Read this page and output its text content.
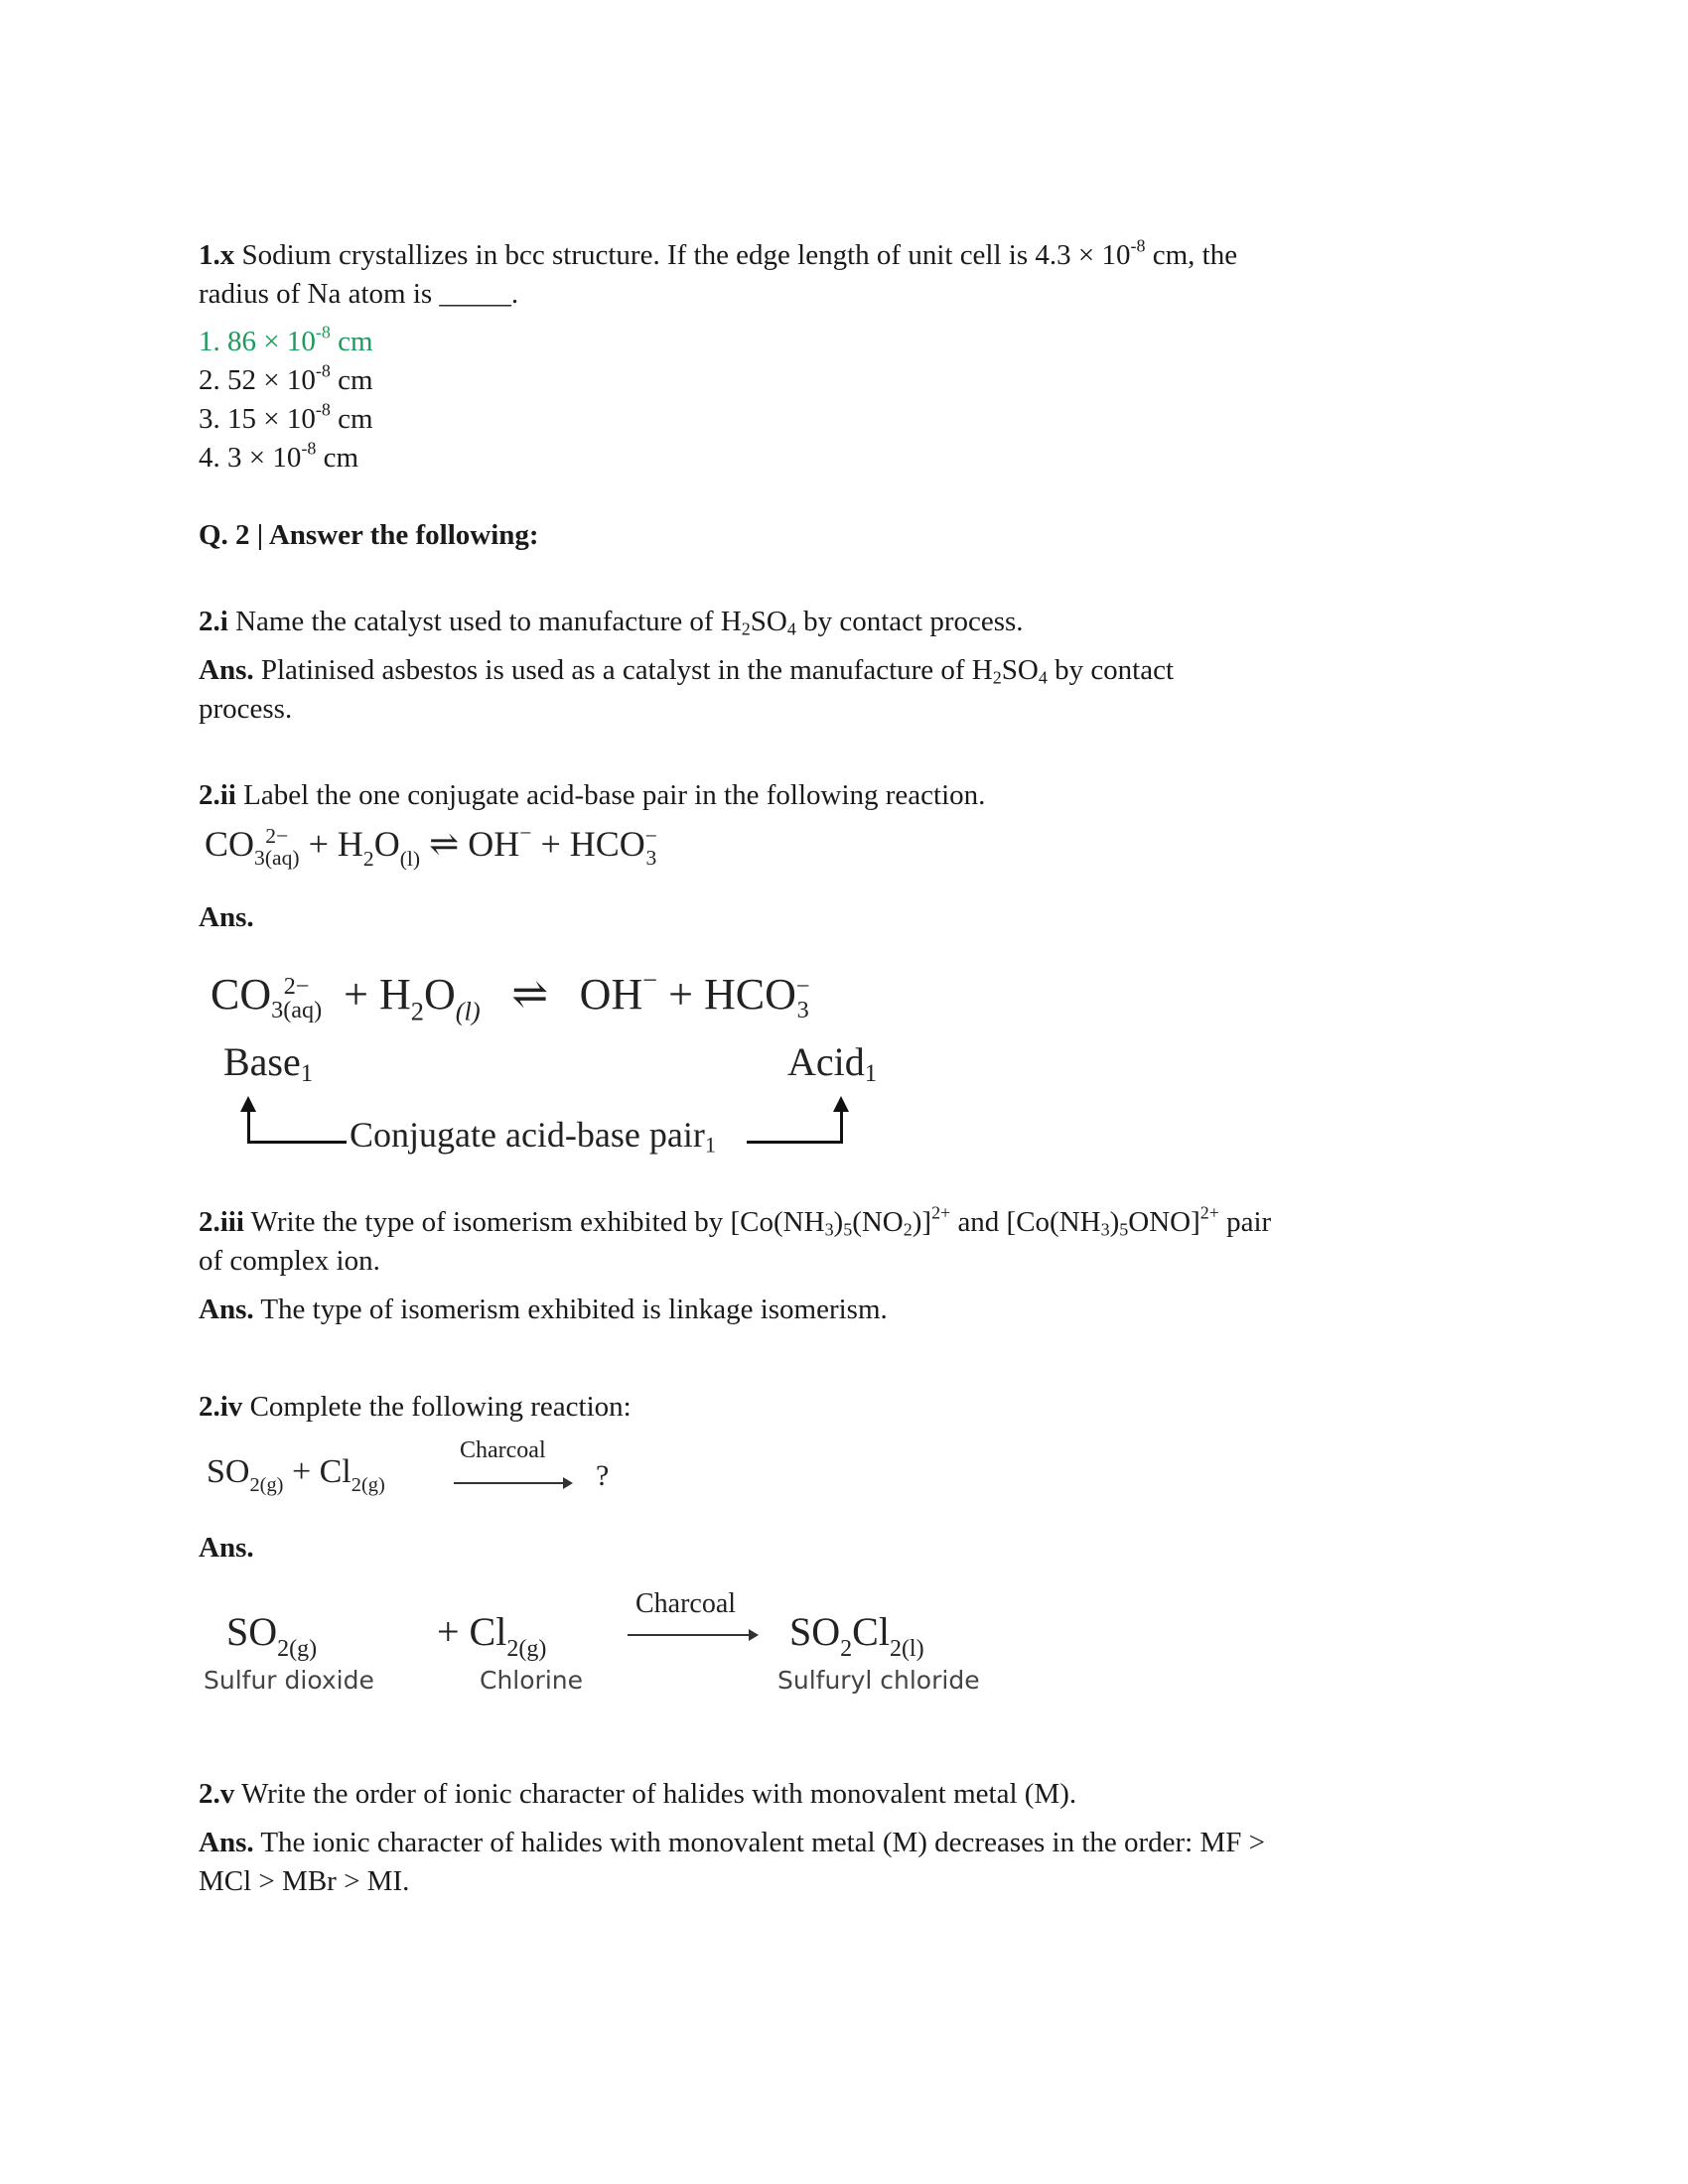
1.x Sodium crystallizes in bcc structure. If the edge length of unit cell is $4.3 \times 10^{-8}$ cm, the
radius of Na atom is _____.
1. $86 \times 10^{-8}$ cm
2. $52 \times 10^{-8}$ cm
3. $15 \times 10^{-8}$ cm
4. $3 \times 10^{-8}$ cm
Q. 2 | Answer the following:
2.i Name the catalyst used to manufacture of $H_2SO_4$ by contact process.
Ans. Platinised asbestos is used as a catalyst in the manufacture of $H_2SO_4$ by contact
process.
2.ii Label the one conjugate acid-base pair in the following reaction.
CO 2−
$3(aq) + H_2O_{(l)}$ ⇌ OH− + HCO −
3
Ans.
CO 2−
$3(aq) + H_2O_{(l)}$ ⇌ OH− + HCO −
3
Base$_1$	Acid$_1$
Conjugate acid-base pair$_1$
2.iii Write the type of isomerism exhibited by $[Co(NH_3)_5(NO_2)]^{2+}$ and $[Co(NH_3)_5ONO]^{2+}$ pair
of complex ion.
Ans. The type of isomerism exhibited is linkage isomerism.
2.iv Complete the following reaction:
$SO_{2(g)} + Cl_{2(g)}$
Charcoal
?
Ans.
$SO_{2(g)}$
Sulfur dioxide
+ $Cl_{2(g)}$
Chlorine
Charcoal
$SO_2Cl_{2(l)}$
Sulfuryl chloride
2.v Write the order of ionic character of halides with monovalent metal (M).
Ans. The ionic character of halides with monovalent metal (M) decreases in the order: MF >
MCl > MBr > MI.
